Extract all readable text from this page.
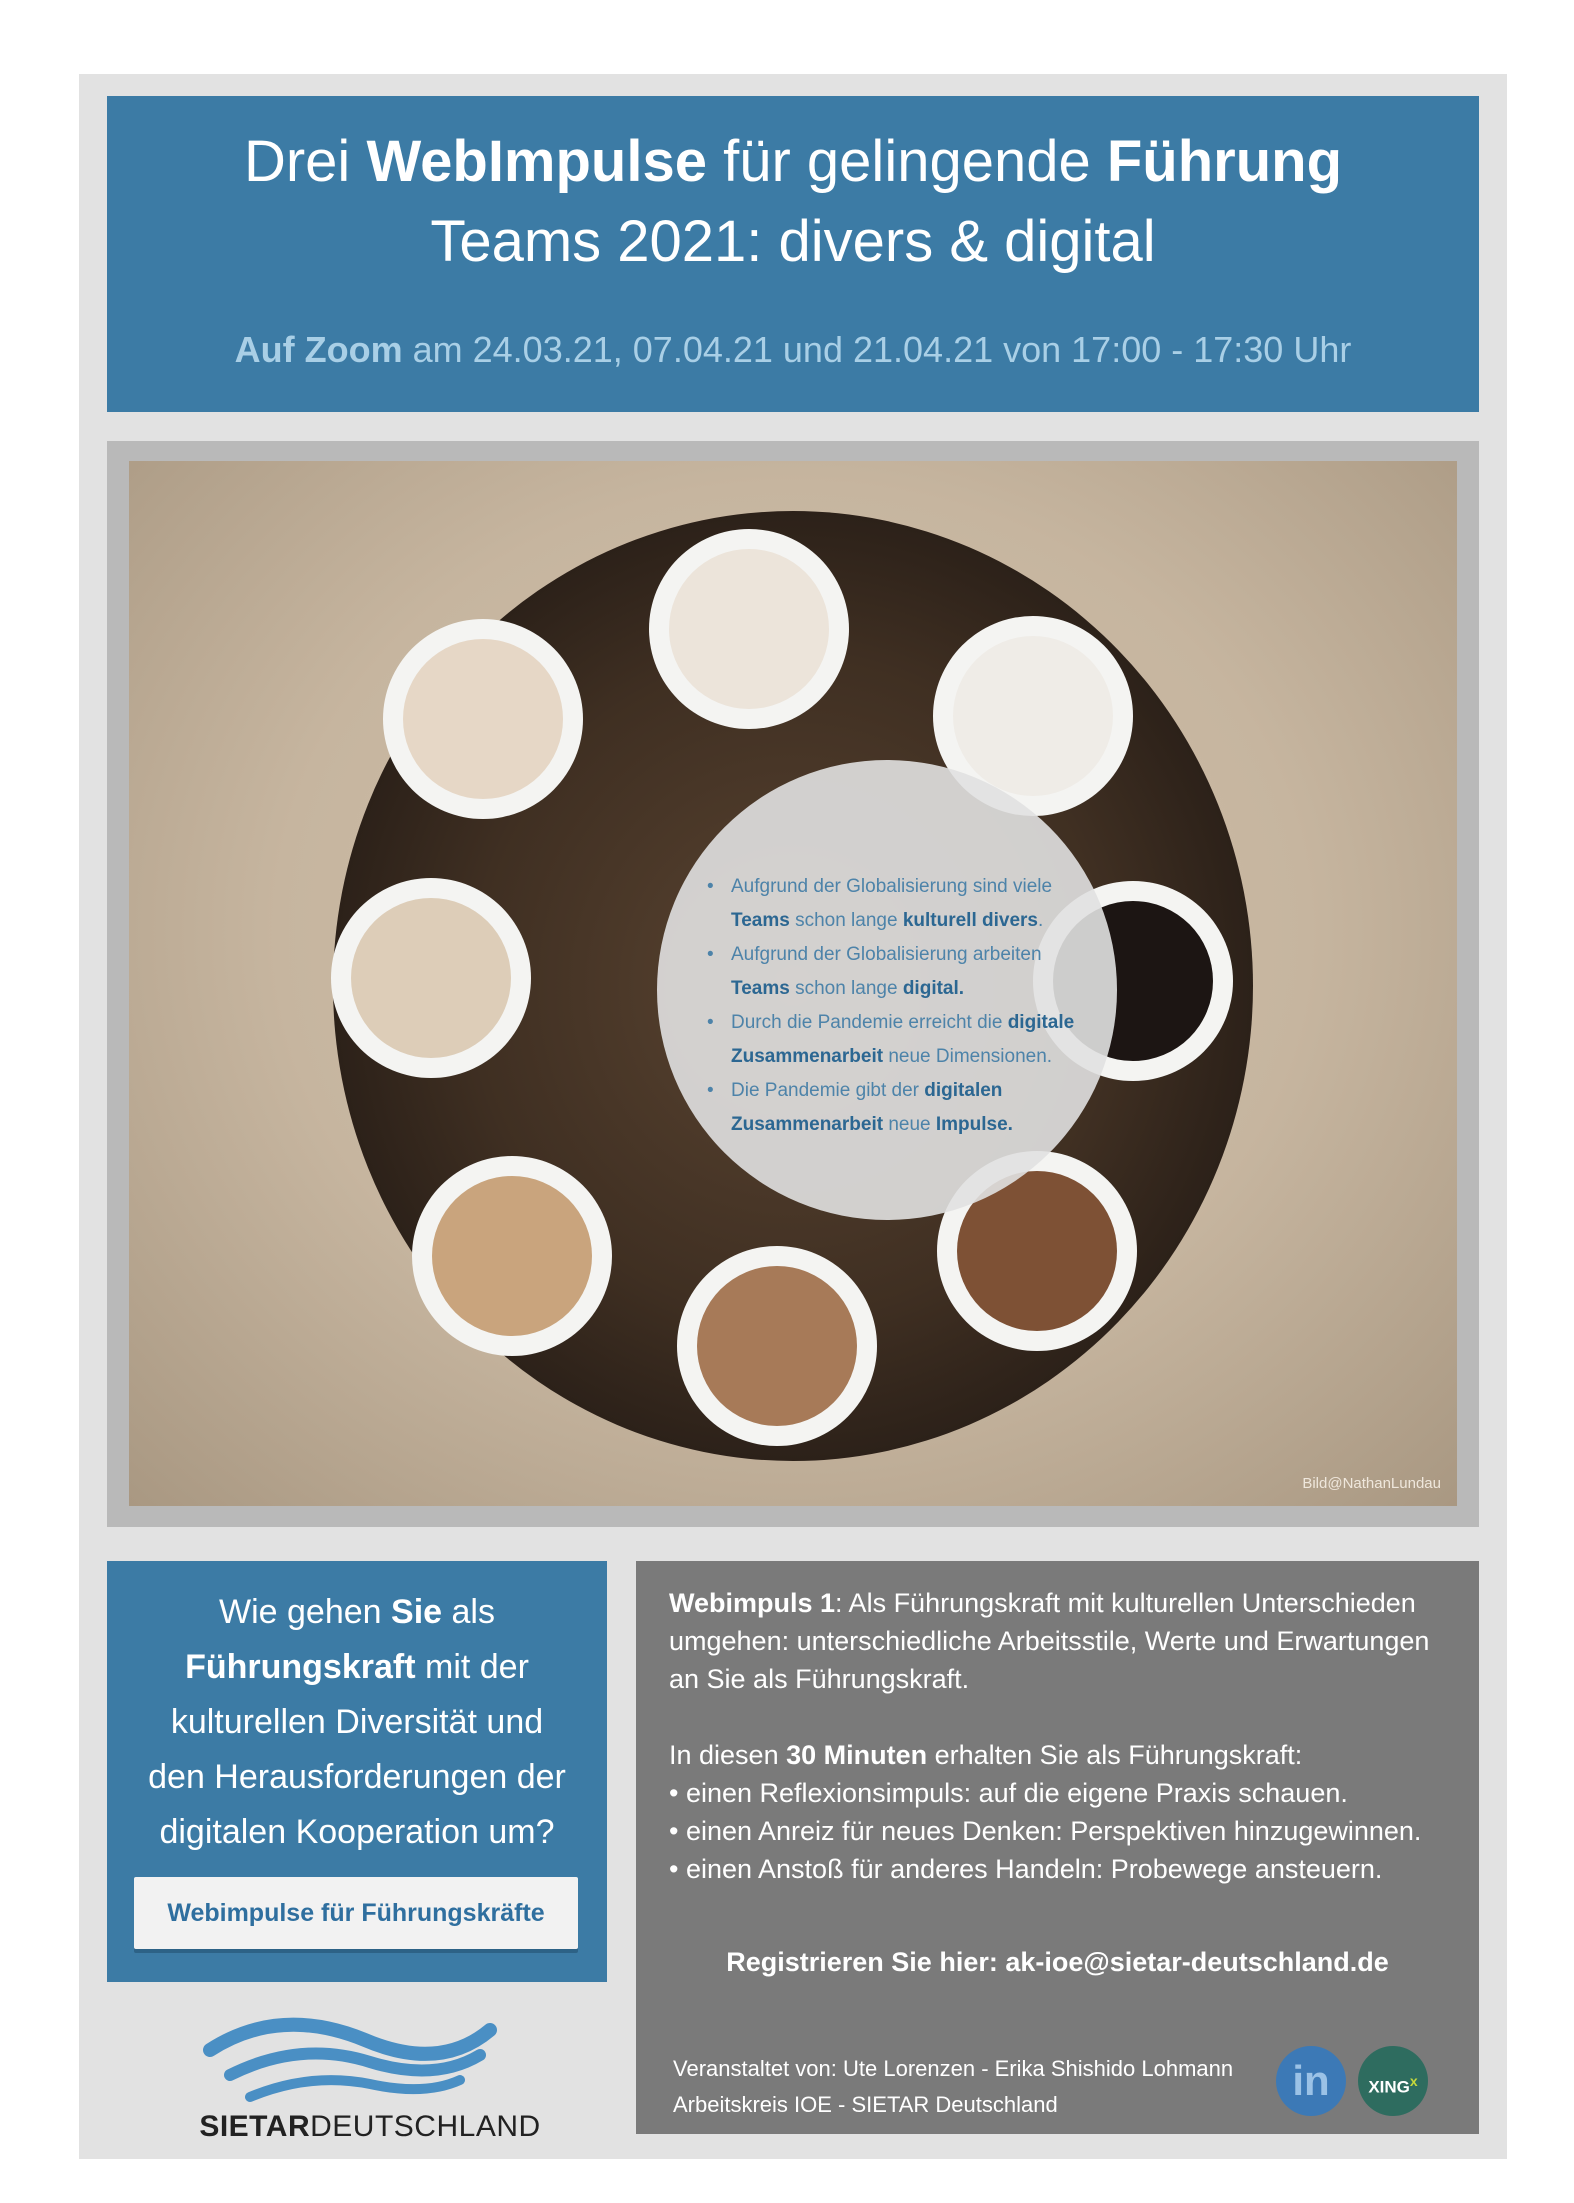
Drei WebImpulse für gelingende Führung
Teams 2021: divers & digital
Auf Zoom am 24.03.21, 07.04.21 und 21.04.21 von 17:00 - 17:30 Uhr
• Aufgrund der Globalisierung sind viele Teams schon lange kulturell divers.
• Aufgrund der Globalisierung arbeiten Teams schon lange digital.
• Durch die Pandemie erreicht die digitale Zusammenarbeit neue Dimensionen.
• Die Pandemie gibt der digitalen Zusammenarbeit neue Impulse.
Bild@NathanLundau
Wie gehen Sie als
Führungskraft mit der
kulturellen Diversität und
den Herausforderungen der
digitalen Kooperation um?
Webimpulse für Führungskräfte
SIETARDEUTSCHLAND

Webimpuls 1: Als Führungskraft mit kulturellen Unterschieden umgehen: unterschiedliche Arbeitsstile, Werte und Erwartungen an Sie als Führungskraft.

In diesen 30 Minuten erhalten Sie als Führungskraft:

• einen Reflexionsimpuls: auf die eigene Praxis schauen.

• einen Anreiz für neues Denken: Perspektiven hinzugewinnen.

• einen Anstoß für anderes Handeln: Probewege ansteuern.

Registrieren Sie hier: ak-ioe@sietar-deutschland.de
Veranstaltet von: Ute Lorenzen - Erika Shishido Lohmann
Arbeitskreis IOE - SIETAR Deutschland
in	XING$^x$
